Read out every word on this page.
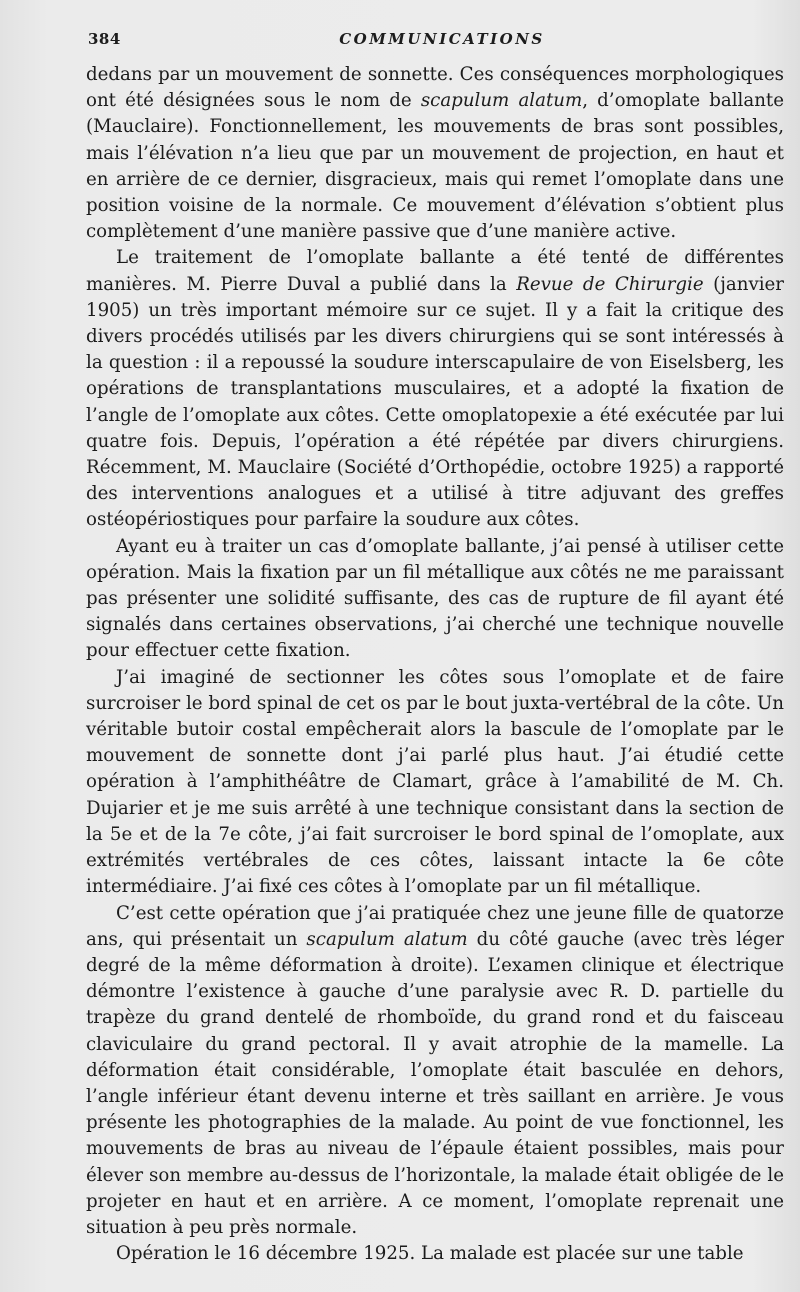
384	COMMUNICATIONS

dedans par un mouvement de sonnette. Ces conséquences morphologiques ont été désignées sous le nom de scapulum alatum, d’omoplate ballante (Mauclaire). Fonctionnellement, les mouvements de bras sont possibles, mais l’élévation n’a lieu que par un mouvement de projection, en haut et en arrière de ce dernier, disgracieux, mais qui remet l’omoplate dans une position voisine de la normale. Ce mouvement d’élévation s’obtient plus complètement d’une manière passive que d’une manière active.

Le traitement de l’omoplate ballante a été tenté de différentes manières. M. Pierre Duval a publié dans la Revue de Chirurgie (janvier 1905) un très important mémoire sur ce sujet. Il y a fait la critique des divers procédés utilisés par les divers chirurgiens qui se sont intéressés à la question : il a repoussé la soudure interscapulaire de von Eiselsberg, les opérations de transplantations musculaires, et a adopté la fixation de l’angle de l’omoplate aux côtes. Cette omoplatopexie a été exécutée par lui quatre fois. Depuis, l’opération a été répétée par divers chirurgiens. Récemment, M. Mauclaire (Société d’Orthopédie, octobre 1925) a rapporté des interventions analogues et a utilisé à titre adjuvant des greffes ostéopériostiques pour parfaire la soudure aux côtes.

Ayant eu à traiter un cas d’omoplate ballante, j’ai pensé à utiliser cette opération. Mais la fixation par un fil métallique aux côtés ne me paraissant pas présenter une solidité suffisante, des cas de rupture de fil ayant été signalés dans certaines observations, j’ai cherché une technique nouvelle pour effectuer cette fixation.

J’ai imaginé de sectionner les côtes sous l’omoplate et de faire surcroiser le bord spinal de cet os par le bout juxta-vertébral de la côte. Un véritable butoir costal empêcherait alors la bascule de l’omoplate par le mouvement de sonnette dont j’ai parlé plus haut. J’ai étudié cette opération à l’amphithéâtre de Clamart, grâce à l’amabilité de M. Ch. Dujarier et je me suis arrêté à une technique consistant dans la section de la 5e et de la 7e côte, j’ai fait surcroiser le bord spinal de l’omoplate, aux extrémités vertébrales de ces côtes, laissant intacte la 6e côte intermédiaire. J’ai fixé ces côtes à l’omoplate par un fil métallique.

C’est cette opération que j’ai pratiquée chez une jeune fille de quatorze ans, qui présentait un scapulum alatum du côté gauche (avec très léger degré de la même déformation à droite). L’examen clinique et électrique démontre l’existence à gauche d’une paralysie avec R. D. partielle du trapèze du grand dentelé de rhomboïde, du grand rond et du faisceau claviculaire du grand pectoral. Il y avait atrophie de la mamelle. La déformation était considérable, l’omoplate était basculée en dehors, l’angle inférieur étant devenu interne et très saillant en arrière. Je vous présente les photographies de la malade. Au point de vue fonctionnel, les mouvements de bras au niveau de l’épaule étaient possibles, mais pour élever son membre au-dessus de l’horizontale, la malade était obligée de le projeter en haut et en arrière. A ce moment, l’omoplate reprenait une situation à peu près normale.

Opération le 16 décembre 1925. La malade est placée sur une table
